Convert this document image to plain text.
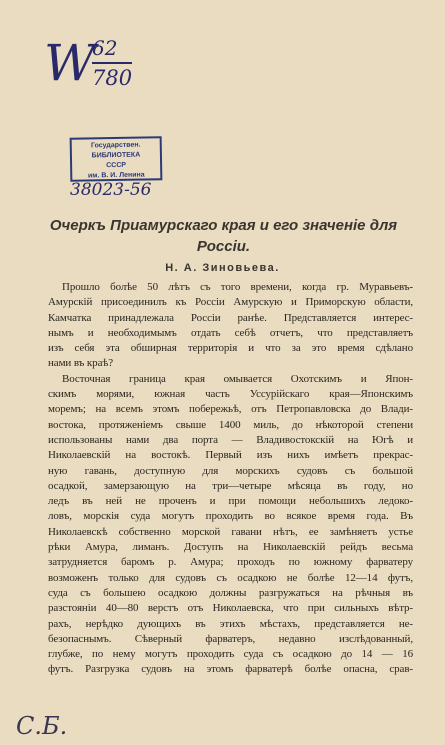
W
62
780
Государствен.
БИБЛИОТЕКА
СССР
им. В. И. Ленина
38023-56
Очеркъ Приамурскаго края и его значеніе для Россіи.
Н. А. Зиновьева.
Прошло болѣе 50 лѣтъ съ того времени, когда гр. Муравьевъ-
Амурскій присоединилъ къ Россіи Амурскую и Приморскую области,
Камчатка принадлежала Россіи ранѣе. Представляется интерес-
нымъ и необходимымъ отдать себѣ отчетъ, что представляетъ
изъ себя эта обширная территорія и что за это время сдѣлано
нами въ краѣ?
Восточная граница края омывается Охотскимъ и Япон-
скимъ морями, южная часть Уссурійскаго края—Японскимъ
моремъ; на всемъ этомъ побережьѣ, отъ Петропавловска до Влади-
востока, протяженіемъ свыше 1400 миль, до нѣкоторой степени
использованы нами два порта — Владивостокскій на Югѣ и
Николаевскій на востокѣ. Первый изъ нихъ имѣетъ прекрас-
ную гавань, доступную для морскихъ судовъ съ большой
осадкой, замерзающую на три—четыре мѣсяца въ году, но
ледъ въ ней не проченъ и при помощи небольшихъ ледоко-
ловъ, морскія суда могутъ проходить во всякое время года. Въ
Николаевскѣ собственно морской гавани нѣтъ, ее замѣняетъ устье
рѣки Амура, лиманъ. Доступъ на Николаевскій рейдъ весьма
затрудняется баромъ р. Амура; проходъ по южному фарватеру
возможенъ только для судовъ съ осадкою не болѣе 12—14 футъ,
суда съ большею осадкою должны разгружаться на рѣчныя въ
разстояніи 40—80 верстъ отъ Николаевска, что при сильныхъ вѣтр-
рахъ, нерѣдко дующихъ въ этихъ мѣстахъ, представляется не-
безопаснымъ. Сѣверный фарватеръ, недавно изслѣдованный,
глубже, по нему могутъ проходить суда съ осадкою до 14 — 16
футъ. Разгрузка судовъ на этомъ фарватерѣ болѣе опасна, срав-
С.Б.
